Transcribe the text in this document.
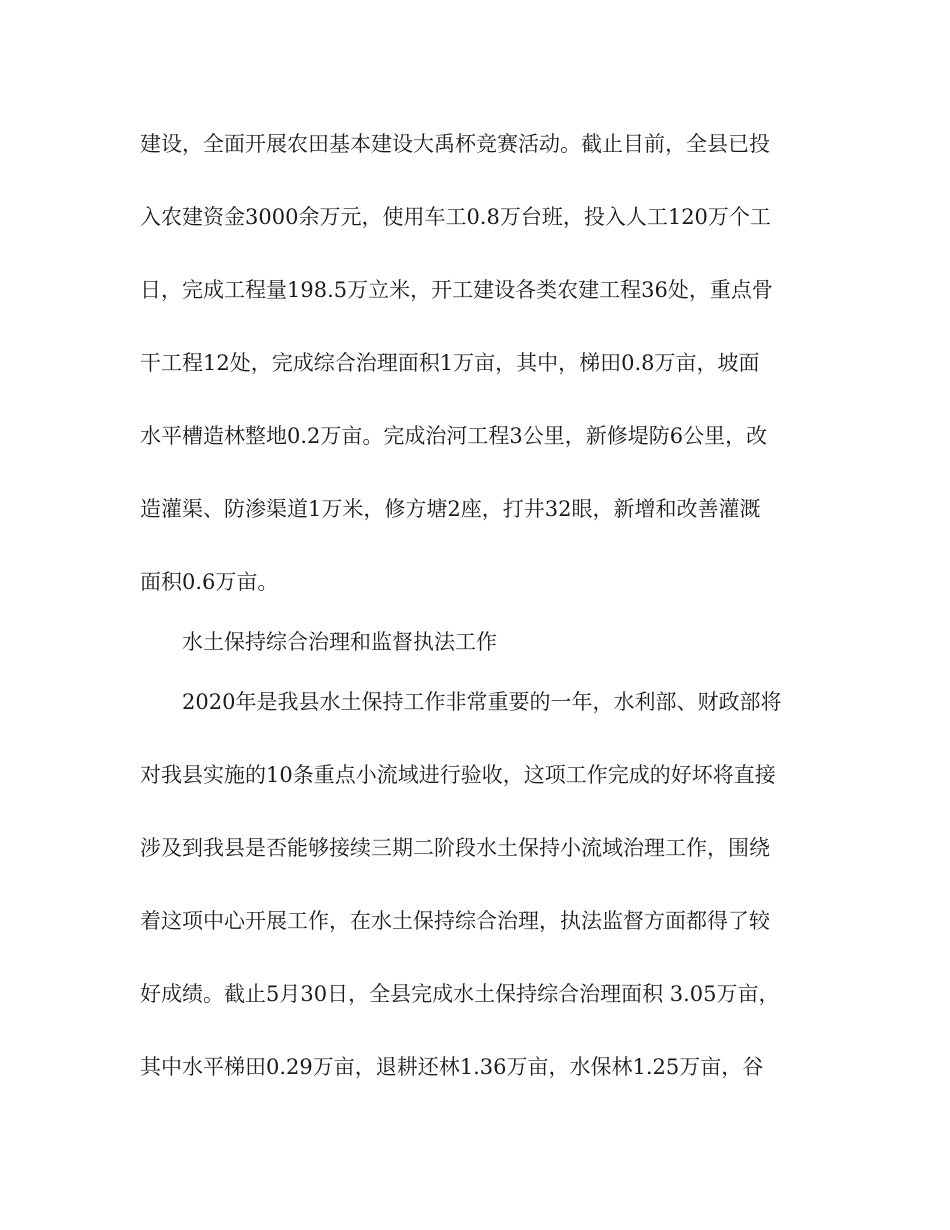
建设，全面开展农田基本建设大禹杯竞赛活动。截止目前，全县已投

入农建资金3000余万元，使用车工0.8万台班，投入人工120万个工

日，完成工程量198.5万立米，开工建设各类农建工程36处，重点骨

干工程12处，完成综合治理面积1万亩，其中，梯田0.8万亩，坡面

水平槽造林整地0.2万亩。完成治河工程3公里，新修堤防6公里，改

造灌渠、防渗渠道1万米，修方塘2座，打井32眼，新增和改善灌溉

面积0.6万亩。

水土保持综合治理和监督执法工作

2020年是我县水土保持工作非常重要的一年，水利部、财政部将

对我县实施的10条重点小流域进行验收，这项工作完成的好坏将直接

涉及到我县是否能够接续三期二阶段水土保持小流域治理工作，围绕

着这项中心开展工作，在水土保持综合治理，执法监督方面都得了较

好成绩。截止5月30日，全县完成水土保持综合治理面积 3.05万亩，

其中水平梯田0.29万亩，退耕还林1.36万亩，水保林1.25万亩，谷
